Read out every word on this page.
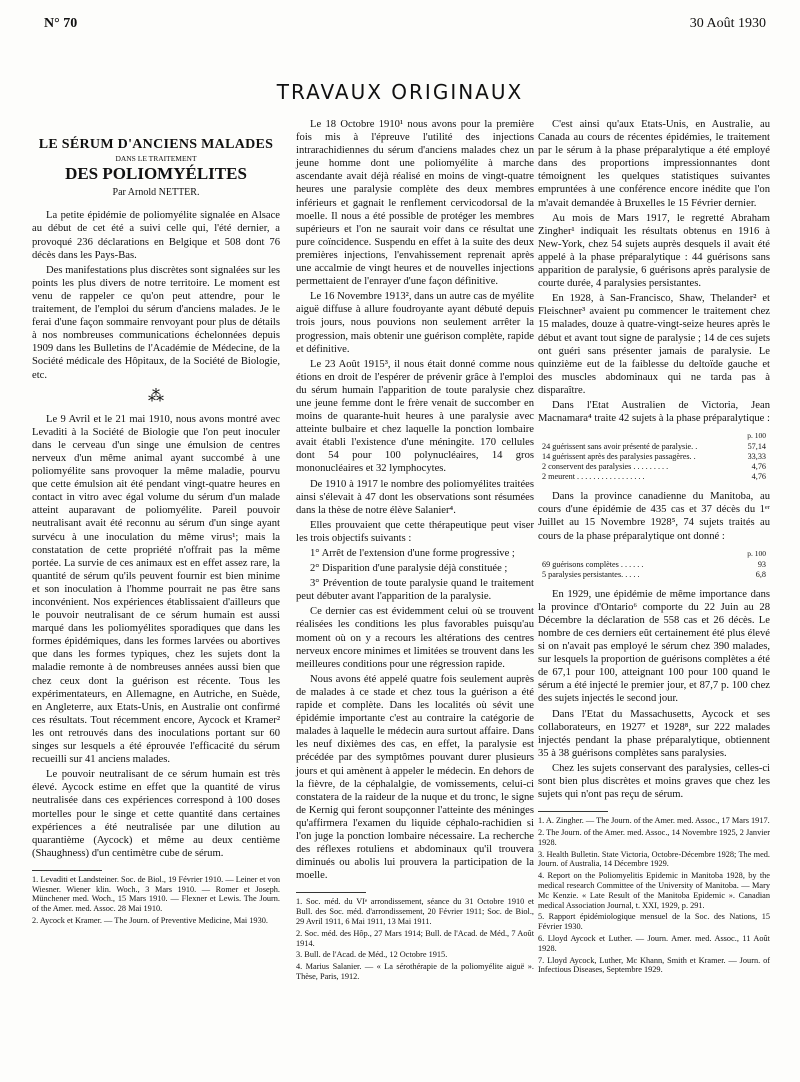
N° 70	30 Août 1930
TRAVAUX ORIGINAUX
LE SÉRUM D'ANCIENS MALADES
DANS LE TRAITEMENT
DES POLIOMYÉLITES
Par Arnold NETTER.

La petite épidémie de poliomyélite signalée en Alsace au début de cet été a suivi celle qui, l'été dernier, a provoqué 236 déclarations en Belgique et 508 dont 76 décès dans les Pays-Bas.

Des manifestations plus discrètes sont signalées sur les points les plus divers de notre territoire. Le moment est venu de rappeler ce qu'on peut attendre, pour le traitement, de l'emploi du sérum d'anciens malades. Je le ferai d'une façon sommaire renvoyant pour plus de détails à nos nombreuses communications échelonnées depuis 1909 dans les Bulletins de l'Académie de Médecine, de la Société médicale des Hôpitaux, de la Société de Biologie, etc.

⁂

Le 9 Avril et le 21 mai 1910, nous avons montré avec Levaditi à la Société de Biologie que l'on peut inoculer dans le cerveau d'un singe une émulsion de centres nerveux d'un même animal ayant succombé à une poliomyélite sans provoquer la même maladie, pourvu que cette émulsion ait été pendant vingt-quatre heures en contact in vitro avec égal volume du sérum d'un malade atteint auparavant de poliomyélite. Pareil pouvoir neutralisant avait été reconnu au sérum d'un singe ayant survécu à une inoculation du même virus¹; mais la constatation de cette propriété n'offrait pas la même portée. La survie de ces animaux est en effet assez rare, la quantité de sérum qu'ils peuvent fournir est bien minime et son inoculation à l'homme pourrait ne pas être sans inconvénient. Nos expériences établissaient d'ailleurs que le pouvoir neutralisant de ce sérum humain est aussi marqué dans les poliomyélites sporadiques que dans les formes épidémiques, dans les formes larvées ou abortives que dans les formes typiques, chez les sujets dont la maladie remonte à de nombreuses années aussi bien que chez ceux dont la guérison est récente. Tous les expérimentateurs, en Allemagne, en Autriche, en Suède, en Angleterre, aux Etats-Unis, en Australie ont confirmé ces résultats. Tout récemment encore, Aycock et Kramer² les ont retrouvés dans des inoculations portant sur 60 singes sur lesquels a été éprouvée l'efficacité du sérum recueilli sur 41 anciens malades.

Le pouvoir neutralisant de ce sérum humain est très élevé. Aycock estime en effet que la quantité de virus neutralisée dans ces expériences correspond à 100 doses mortelles pour le singe et cette quantité dans certaines expériences a été neutralisée par une dilution au quarantième (Aycock) et même au deux centième (Shaughness) d'un centimètre cube de sérum.

1. Levaditi et Landsteiner. Soc. de Biol., 19 Février 1910. — Leiner et von Wiesner. Wiener klin. Woch., 3 Mars 1910. — Romer et Joseph. Münchener med. Woch., 15 Mars 1910. — Flexner et Lewis. The Journ. of the Amer. med. Assoc. 28 Mai 1910.

2. Aycock et Kramer. — The Journ. of Preventive Medicine, Mai 1930.

Le 18 Octobre 1910¹ nous avons pour la première fois mis à l'épreuve l'utilité des injections intrarachidiennes du sérum d'anciens malades chez un jeune homme dont une poliomyélite à marche ascendante avait déjà réalisé en moins de vingt-quatre heures une paralysie complète des deux membres inférieurs et gagnait le renflement cervicodorsal de la moelle. Il nous a été possible de protéger les membres supérieurs et l'on ne saurait voir dans ce résultat une pure coïncidence. Suspendu en effet à la suite des deux premières injections, l'envahissement reprenait après une accalmie de vingt heures et de nouvelles injections permettaient de l'enrayer d'une façon définitive.

Le 16 Novembre 1913², dans un autre cas de myélite aiguë diffuse à allure foudroyante ayant débuté depuis trois jours, nous pouvions non seulement arrêter la progression, mais obtenir une guérison complète, rapide et définitive.

Le 23 Août 1915³, il nous était donné comme nous étions en droit de l'espérer de prévenir grâce à l'emploi du sérum humain l'apparition de toute paralysie chez une jeune femme dont le frère venait de succomber en moins de quarante-huit heures à une paralysie avec atteinte bulbaire et chez laquelle la ponction lombaire avait établi l'existence d'une méningite. 170 cellules dont 54 pour 100 polynucléaires, 14 gros mononucléaires et 32 lymphocytes.

De 1910 à 1917 le nombre des poliomyélites traitées ainsi s'élevait à 47 dont les observations sont résumées dans la thèse de notre élève Salanier⁴.

Elles prouvaient que cette thérapeutique peut viser les trois objectifs suivants :

1° Arrêt de l'extension d'une forme progressive ;

2° Disparition d'une paralysie déjà constituée ;

3° Prévention de toute paralysie quand le traitement peut débuter avant l'apparition de la paralysie.

Ce dernier cas est évidemment celui où se trouvent réalisées les conditions les plus favorables puisqu'au moment où on y a recours les altérations des centres nerveux encore minimes et limitées se trouvent dans les meilleures conditions pour une régression rapide.

Nous avons été appelé quatre fois seulement auprès de malades à ce stade et chez tous la guérison a été rapide et complète. Dans les localités où sévit une épidémie importante c'est au contraire la catégorie de malades à laquelle le médecin aura surtout affaire. Dans les neuf dixièmes des cas, en effet, la paralysie est précédée par des symptômes pouvant durer plusieurs jours et qui amènent à appeler le médecin. En dehors de la fièvre, de la céphalalgie, de vomissements, celui-ci constatera de la raideur de la nuque et du tronc, le signe de Kernig qui feront soupçonner l'atteinte des méninges qu'affirmera l'examen du liquide céphalo-rachidien si l'on juge la ponction lombaire nécessaire. La recherche des réflexes rotuliens et abdominaux qu'il trouvera diminués ou abolis lui prouvera la participation de la moelle.

1. Soc. méd. du VIᵉ arrondissement, séance du 31 Octobre 1910 et Bull. des Soc. méd. d'arrondissement, 20 Février 1911; Soc. de Biol., 29 Avril 1911, 6 Mai 1911, 13 Mai 1911.

2. Soc. méd. des Hôp., 27 Mars 1914; Bull. de l'Acad. de Méd., 7 Août 1914.

3. Bull. de l'Acad. de Méd., 12 Octobre 1915.

4. Marius Salanier. — « La sérothérapie de la poliomyélite aiguë ». Thèse, Paris, 1912.

C'est ainsi qu'aux Etats-Unis, en Australie, au Canada au cours de récentes épidémies, le traitement par le sérum à la phase préparalytique a été employé dans des proportions impressionnantes dont témoignent les quelques statistiques suivantes empruntées à une conférence encore inédite que l'on m'avait demandée à Bruxelles le 15 Février dernier.

Au mois de Mars 1917, le regretté Abraham Zingher¹ indiquait les résultats obtenus en 1916 à New-York, chez 54 sujets auprès desquels il avait été appelé à la phase préparalytique : 44 guérisons sans apparition de paralysie, 6 guérisons après paralysie de courte durée, 4 paralysies persistantes.

En 1928, à San-Francisco, Shaw, Thelander² et Fleischner³ avaient pu commencer le traitement chez 15 malades, douze à quatre-vingt-seize heures après le début et avant tout signe de paralysie ; 14 de ces sujets ont guéri sans présenter jamais de paralysie. Le quinzième eut de la faiblesse du deltoïde gauche et des muscles abdominaux qui ne tarda pas à disparaître.

Dans l'Etat Australien de Victoria, Jean Macnamara⁴ traite 42 sujets à la phase préparalytique :

p. 100
24 guérissent sans avoir présenté de paralysie. .	57,14
14 guérissent après des paralysies passagères. .	33,33
2 conservent des paralysies . . . . . . . . .	4,76
2 meurent . . . . . . . . . . . . . . . . .	4,76

Dans la province canadienne du Manitoba, au cours d'une épidémie de 435 cas et 37 décès du 1ᵉʳ Juillet au 15 Novembre 1928⁵, 74 sujets traités au cours de la phase préparalytique ont donné :

p. 100
69 guérisons complètes . . . . . .	93
5 paralysies persistantes. . . . .	6,8

En 1929, une épidémie de même importance dans la province d'Ontario⁶ comporte du 22 Juin au 28 Décembre la déclaration de 558 cas et 26 décès. Le nombre de ces derniers eût certainement été plus élevé si on n'avait pas employé le sérum chez 390 malades, sur lesquels la proportion de guérisons complètes a été de 67,1 pour 100, atteignant 100 pour 100 quand le sérum a été injecté le premier jour, et 87,7 p. 100 chez des sujets injectés le second jour.

Dans l'Etat du Massachusetts, Aycock et ses collaborateurs, en 1927⁷ et 1928⁸, sur 222 malades injectés pendant la phase préparalytique, obtiennent 35 à 38 guérisons complètes sans paralysies.

Chez les sujets conservant des paralysies, celles-ci sont bien plus discrètes et moins graves que chez les sujets qui n'ont pas reçu de sérum.

1. A. Zingher. — The Journ. of the Amer. med. Assoc., 17 Mars 1917.

2. The Journ. of the Amer. med. Assoc., 14 Novembre 1925, 2 Janvier 1928.

3. Health Bulletin. State Victoria, Octobre-Décembre 1928; The med. Journ. of Australia, 14 Décembre 1929.

4. Report on the Poliomyelitis Epidemic in Manitoba 1928, by the medical research Committee of the University of Manitoba. — Mary Mc Kenzie. « Late Result of the Manitoba Epidemic ». Canadian medical Association Journal, t. XXI, 1929, p. 291.

5. Rapport épidémiologique mensuel de la Soc. des Nations, 15 Février 1930.

6. Lloyd Aycock et Luther. — Journ. Amer. med. Assoc., 11 Août 1928.

7. Lloyd Aycock, Luther, Mc Khann, Smith et Kramer. — Journ. of Infectious Diseases, Septembre 1929.
